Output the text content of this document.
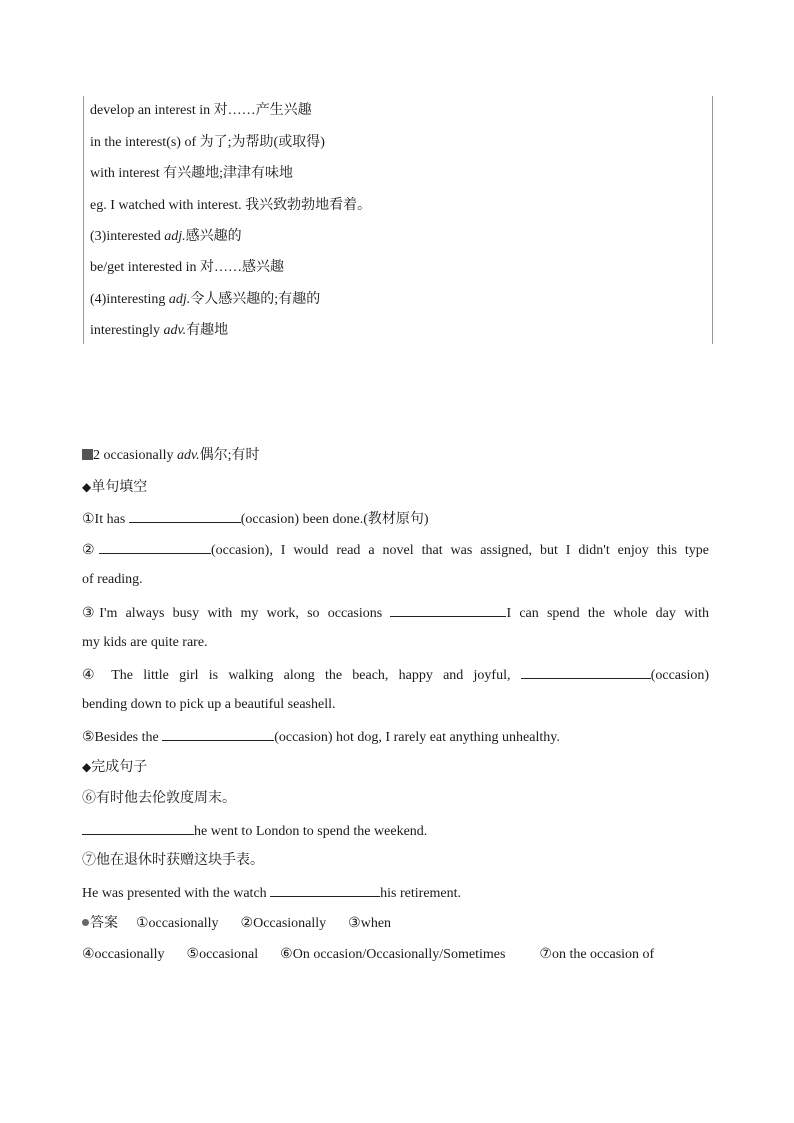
develop an interest in 对……产生兴趣
in the interest(s) of 为了;为帮助(或取得)
with interest 有兴趣地;津津有味地
eg. I watched with interest. 我兴致勃勃地看着。
(3)interested adj.感兴趣的
be/get interested in 对……感兴趣
(4)interesting adj.令人感兴趣的;有趣的
interestingly adv.有趣地
2 occasionally adv.偶尔;有时
◆单句填空
①It has	(occasion) been done.(教材原句)
②	(occasion), I would read a novel that was assigned, but I didn't enjoy this type
of reading.
③I'm always busy with my work, so occasions	I can spend the whole day with
my kids are quite rare.
④ The little girl is walking along the beach, happy and joyful,	(occasion)
bending down to pick up a beautiful seashell.
⑤Besides the	(occasion) hot dog, I rarely eat anything unhealthy.
◆完成句子
⑥有时他去伦敦度周末。
he went to London to spend the weekend.
⑦他在退休时获赠这块手表。
He was presented with the watch	his retirement.
答案 ①occasionally ②Occasionally ③when
④occasionally ⑤occasional ⑥On occasion/Occasionally/Sometimes ⑦on the occasion of
